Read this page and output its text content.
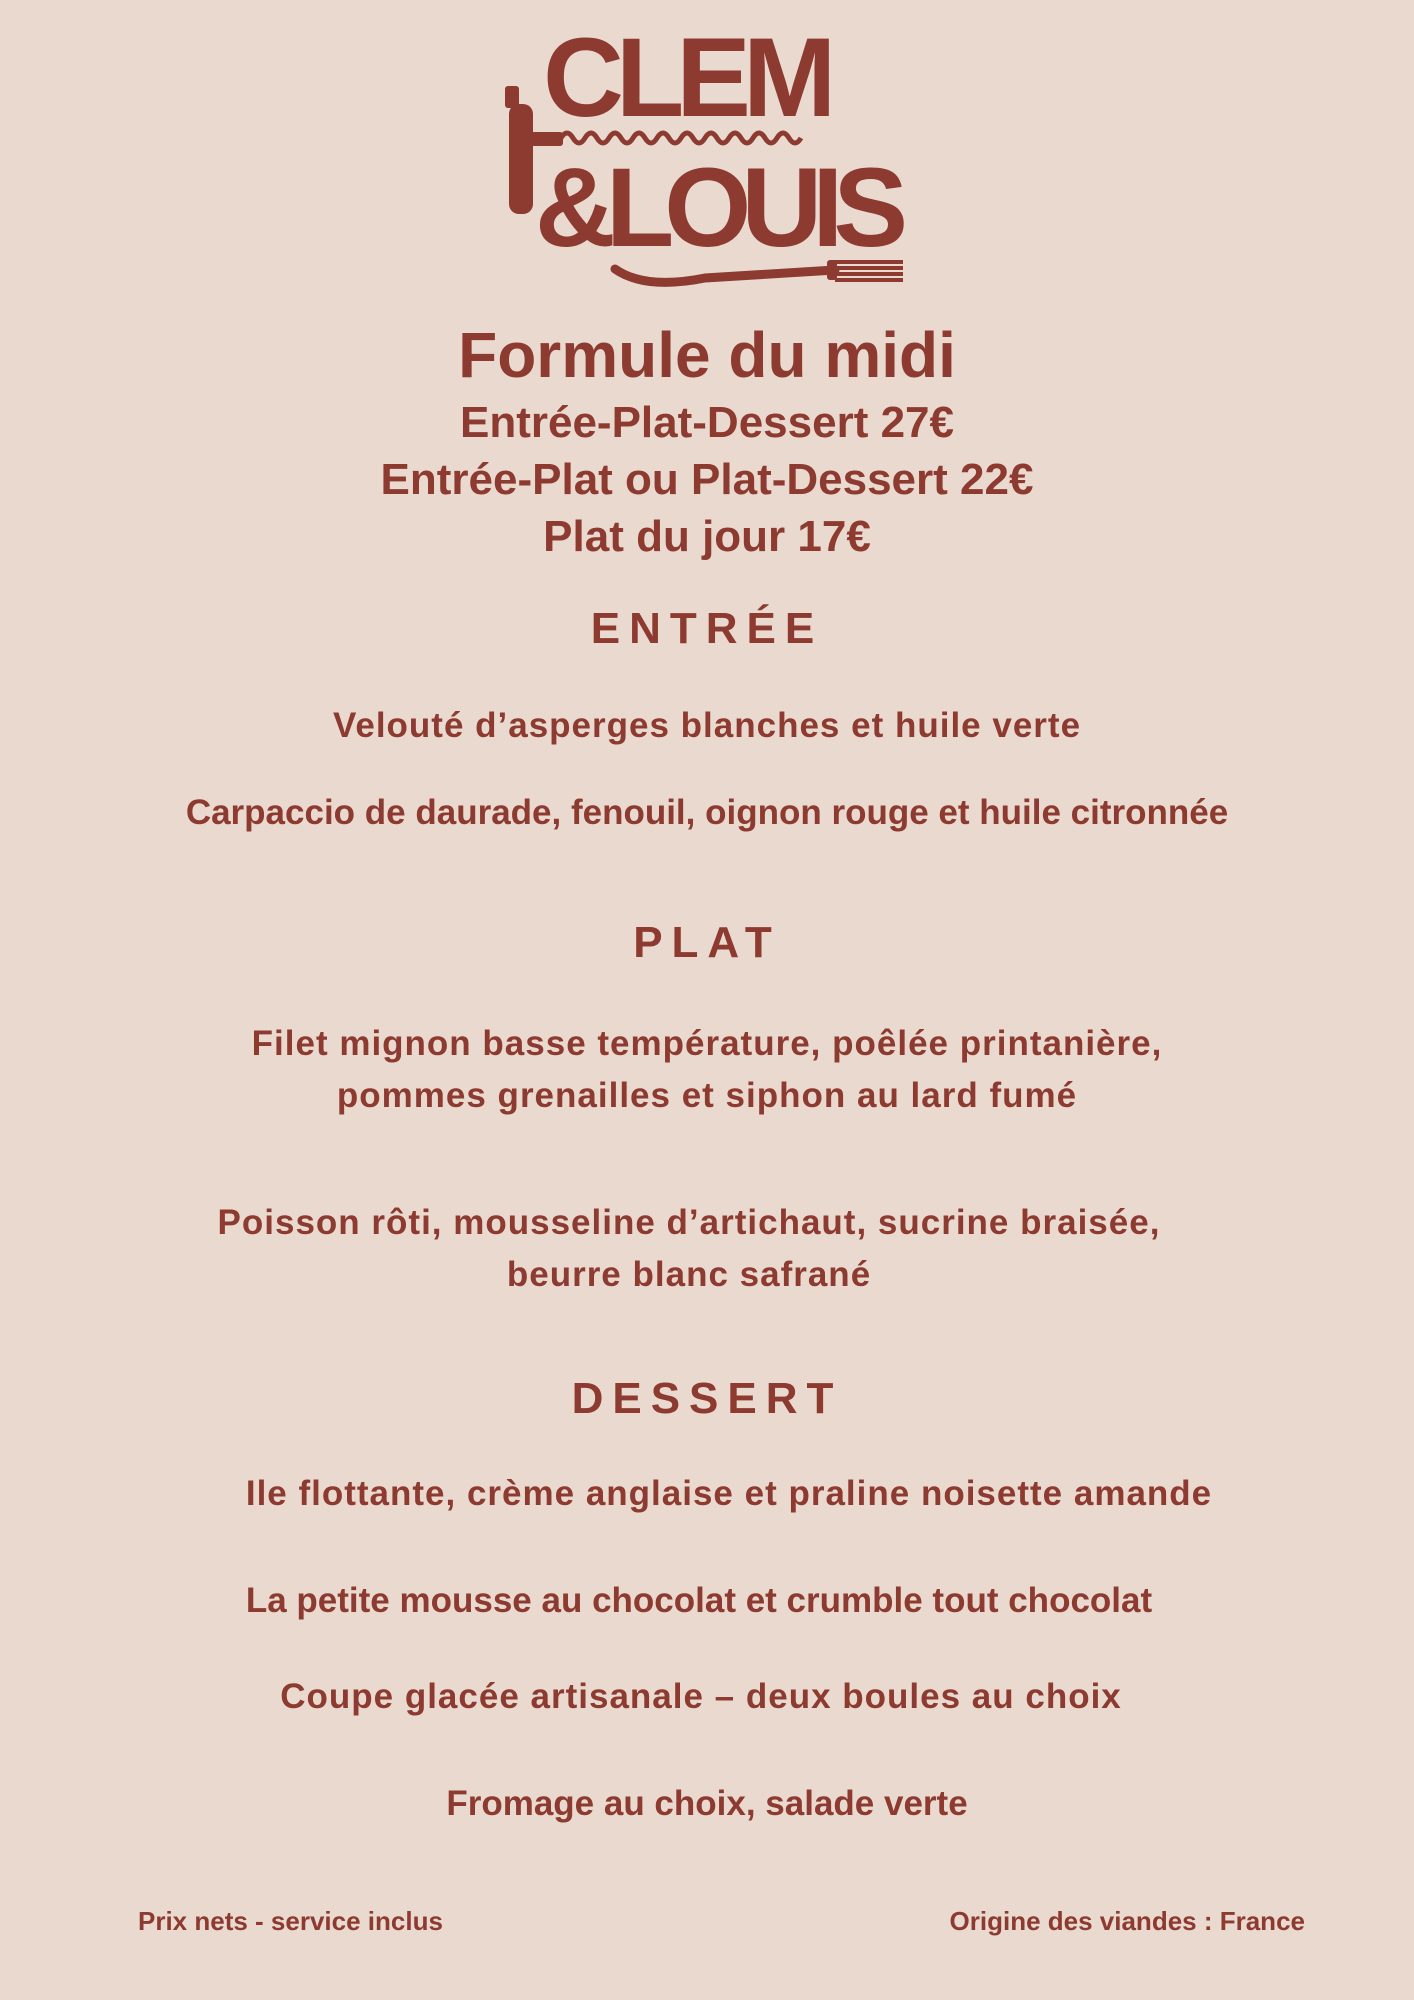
CLEM
&LOUIS
Formule du midi
Entrée-Plat-Dessert 27€
Entrée-Plat ou Plat-Dessert 22€
Plat du jour 17€
ENTRÉE
Velouté d’asperges blanches et huile verte
Carpaccio de daurade, fenouil, oignon rouge et huile citronnée
PLAT
Filet mignon basse température, poêlée printanière,
pommes grenailles et siphon au lard fumé
Poisson rôti, mousseline d’artichaut, sucrine braisée,
beurre blanc safrané
DESSERT
Ile flottante, crème anglaise et praline noisette amande
La petite mousse au chocolat et crumble tout chocolat
Coupe glacée artisanale – deux boules au choix
Fromage au choix, salade verte
Prix nets - service inclus	Origine des viandes : France
